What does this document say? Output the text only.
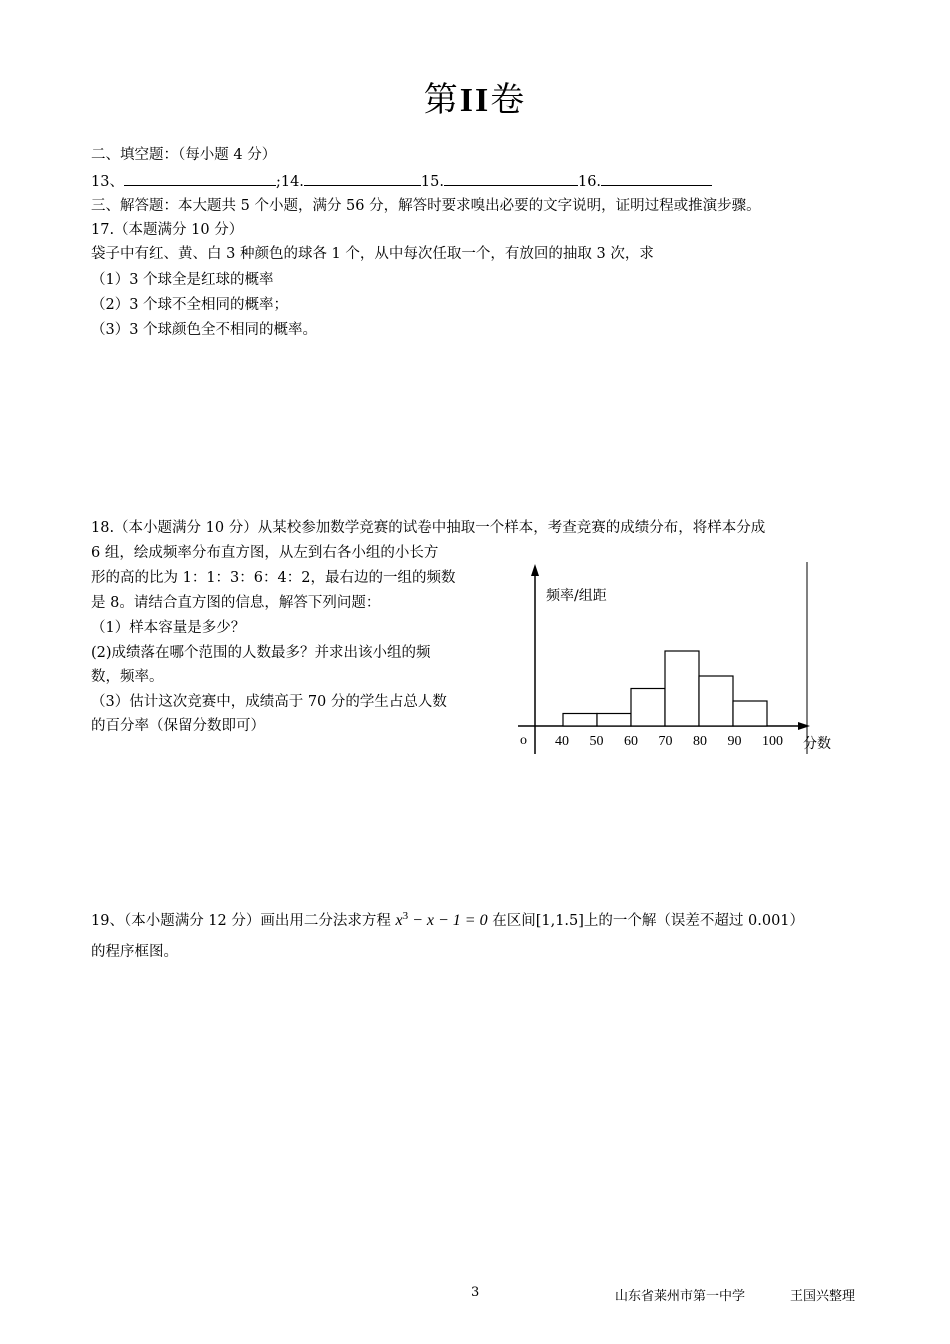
第II卷
二、填空题：（每小题 4 分）
13、	;14.	15.	16.
三、解答题：本大题共 5 个小题，满分 56 分，解答时要求嗅出必要的文字说明，证明过程或推演步骤。
17.（本题满分 10 分）
袋子中有红、黄、白 3 种颜色的球各 1 个，从中每次任取一个，有放回的抽取 3 次，求
（1）3 个球全是红球的概率
（2）3 个球不全相同的概率；
（3）3 个球颜色全不相同的概率。
18.（本小题满分 10 分）从某校参加数学竞赛的试卷中抽取一个样本，考查竞赛的成绩分布，将样本分成
6 组，绘成频率分布直方图，从左到右各小组的小长方
形的高的比为 1：1：3：6：4：2，最右边的一组的频数
是 8。请结合直方图的信息，解答下列问题：
（1）样本容量是多少？
(2)成绩落在哪个范围的人数最多？并求出该小组的频
数，频率。
（3）估计这次竞赛中，成绩高于 70 分的学生占总人数
的百分率（保留分数即可）
频率/组距
o	分数
40 50 60 70 80 90 100
19、（本小题满分 12 分）画出用二分法求方程 $x^3 - x - 1 = 0$ 在区间[1,1.5]上的一个解（误差不超过 0.001）
的程序框图。
3	山东省莱州市第一中学	王国兴整理
